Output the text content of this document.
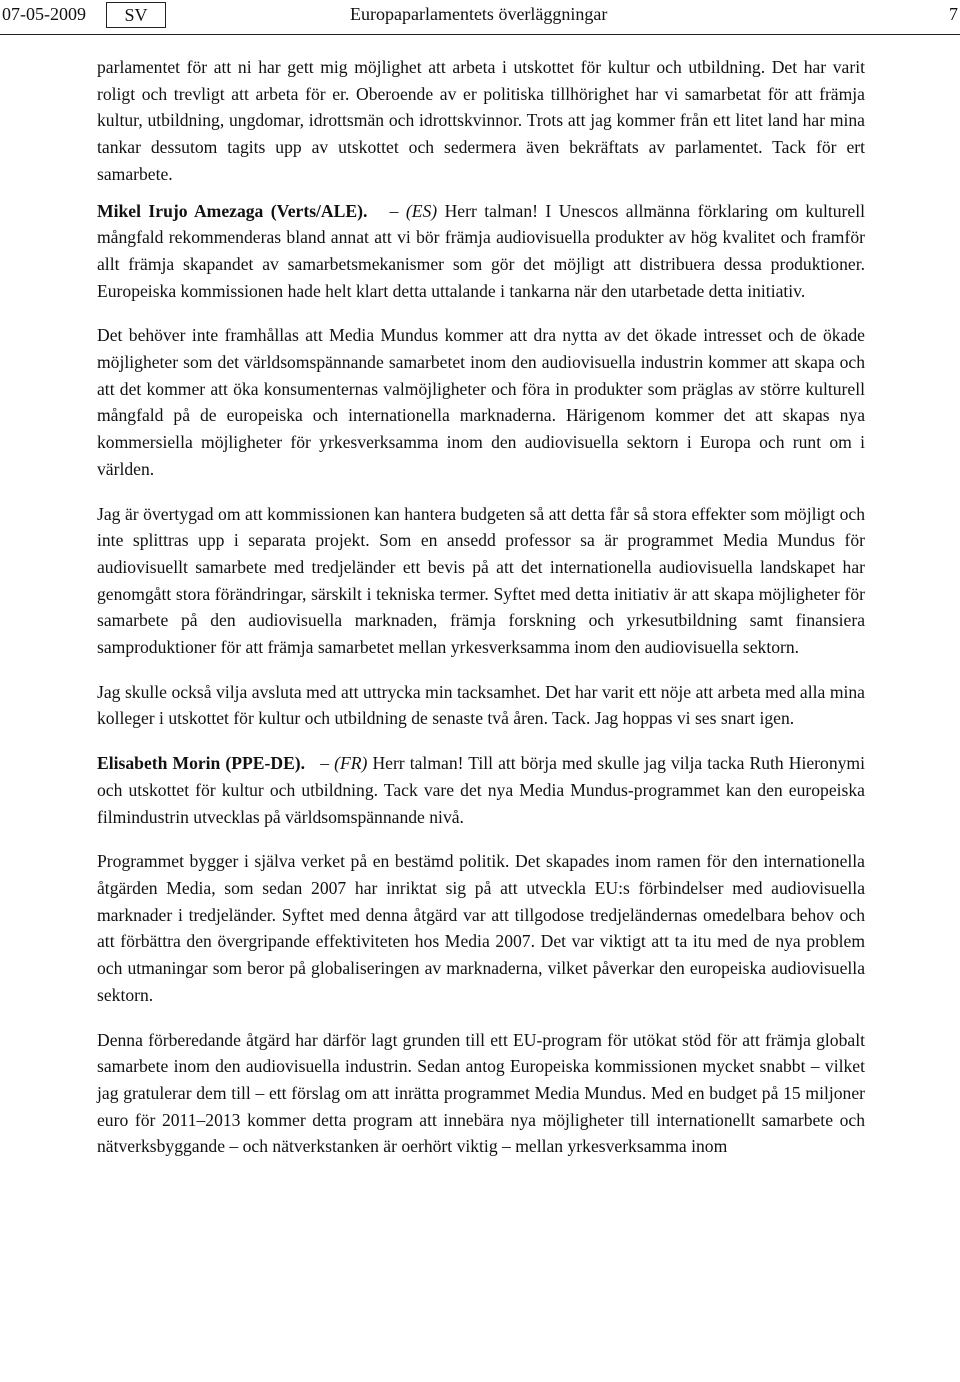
07-05-2009	SV	Europaparlamentets överläggningar	7

parlamentet för att ni har gett mig möjlighet att arbeta i utskottet för kultur och utbildning. Det har varit roligt och trevligt att arbeta för er. Oberoende av er politiska tillhörighet har vi samarbetat för att främja kultur, utbildning, ungdomar, idrottsmän och idrottskvinnor. Trots att jag kommer från ett litet land har mina tankar dessutom tagits upp av utskottet och sedermera även bekräftats av parlamentet. Tack för ert samarbete.

Mikel Irujo Amezaga (Verts/ALE).   – (ES) Herr talman! I Unescos allmänna förklaring om kulturell mångfald rekommenderas bland annat att vi bör främja audiovisuella produkter av hög kvalitet och framför allt främja skapandet av samarbetsmekanismer som gör det möjligt att distribuera dessa produktioner. Europeiska kommissionen hade helt klart detta uttalande i tankarna när den utarbetade detta initiativ.

Det behöver inte framhållas att Media Mundus kommer att dra nytta av det ökade intresset och de ökade möjligheter som det världsomspännande samarbetet inom den audiovisuella industrin kommer att skapa och att det kommer att öka konsumenternas valmöjligheter och föra in produkter som präglas av större kulturell mångfald på de europeiska och internationella marknaderna. Härigenom kommer det att skapas nya kommersiella möjligheter för yrkesverksamma inom den audiovisuella sektorn i Europa och runt om i världen.

Jag är övertygad om att kommissionen kan hantera budgeten så att detta får så stora effekter som möjligt och inte splittras upp i separata projekt. Som en ansedd professor sa är programmet Media Mundus för audiovisuellt samarbete med tredjeländer ett bevis på att det internationella audiovisuella landskapet har genomgått stora förändringar, särskilt i tekniska termer. Syftet med detta initiativ är att skapa möjligheter för samarbete på den audiovisuella marknaden, främja forskning och yrkesutbildning samt finansiera samproduktioner för att främja samarbetet mellan yrkesverksamma inom den audiovisuella sektorn.

Jag skulle också vilja avsluta med att uttrycka min tacksamhet. Det har varit ett nöje att arbeta med alla mina kolleger i utskottet för kultur och utbildning de senaste två åren. Tack. Jag hoppas vi ses snart igen.

Elisabeth Morin (PPE-DE).   – (FR) Herr talman! Till att börja med skulle jag vilja tacka Ruth Hieronymi och utskottet för kultur och utbildning. Tack vare det nya Media Mundus-programmet kan den europeiska filmindustrin utvecklas på världsomspännande nivå.

Programmet bygger i själva verket på en bestämd politik. Det skapades inom ramen för den internationella åtgärden Media, som sedan 2007 har inriktat sig på att utveckla EU:s förbindelser med audiovisuella marknader i tredjeländer. Syftet med denna åtgärd var att tillgodose tredjeländernas omedelbara behov och att förbättra den övergripande effektiviteten hos Media 2007. Det var viktigt att ta itu med de nya problem och utmaningar som beror på globaliseringen av marknaderna, vilket påverkar den europeiska audiovisuella sektorn.

Denna förberedande åtgärd har därför lagt grunden till ett EU-program för utökat stöd för att främja globalt samarbete inom den audiovisuella industrin. Sedan antog Europeiska kommissionen mycket snabbt – vilket jag gratulerar dem till – ett förslag om att inrätta programmet Media Mundus. Med en budget på 15 miljoner euro för 2011–2013 kommer detta program att innebära nya möjligheter till internationellt samarbete och nätverksbyggande – och nätverkstanken är oerhört viktig – mellan yrkesverksamma inom
